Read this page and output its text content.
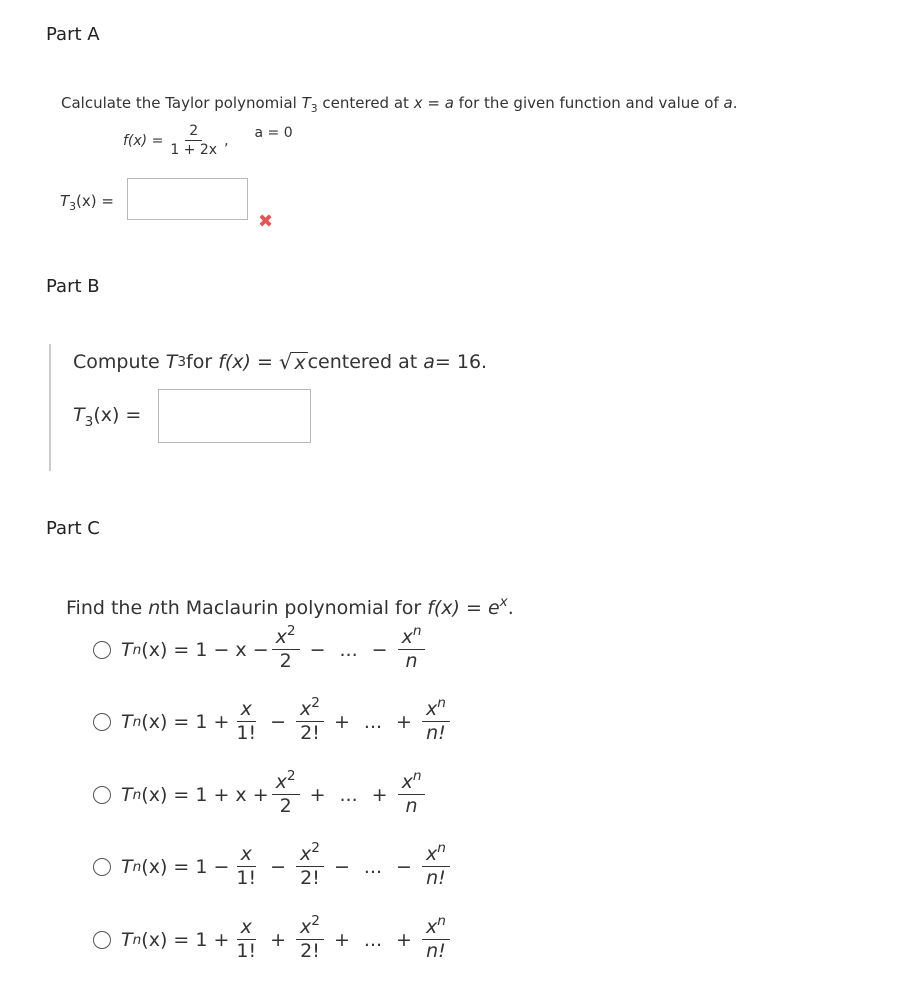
Part A
Calculate the Taylor polynomial $T_3$ centered at x = a for the given function and value of a.
$f(x) = \frac{2}{1 + 2x}$ , a = 0
$T_3(x)$ =
✖
Part B
Compute
T 3 for
f(x) =
√ x centered at
a = 16.
$T_3(x)$ =
Part C
Find the nth Maclaurin polynomial for $f(x) = e^x$.
T n $(x) = 1 - x - \frac{x^2}{2}$ − ... − $\frac{x^n}{n}$
T n $(x) = 1 + \frac{x}{1!} - \frac{x^2}{2!}$ + ... + $\frac{x^n}{n!}$
T n $(x) = 1 + x + \frac{x^2}{2}$ + ... + $\frac{x^n}{n}$
T n $(x) = 1 - \frac{x}{1!} - \frac{x^2}{2!}$ − ... − $\frac{x^n}{n!}$
T n $(x) = 1 + \frac{x}{1!} + \frac{x^2}{2!}$ + ... + $\frac{x^n}{n!}$
